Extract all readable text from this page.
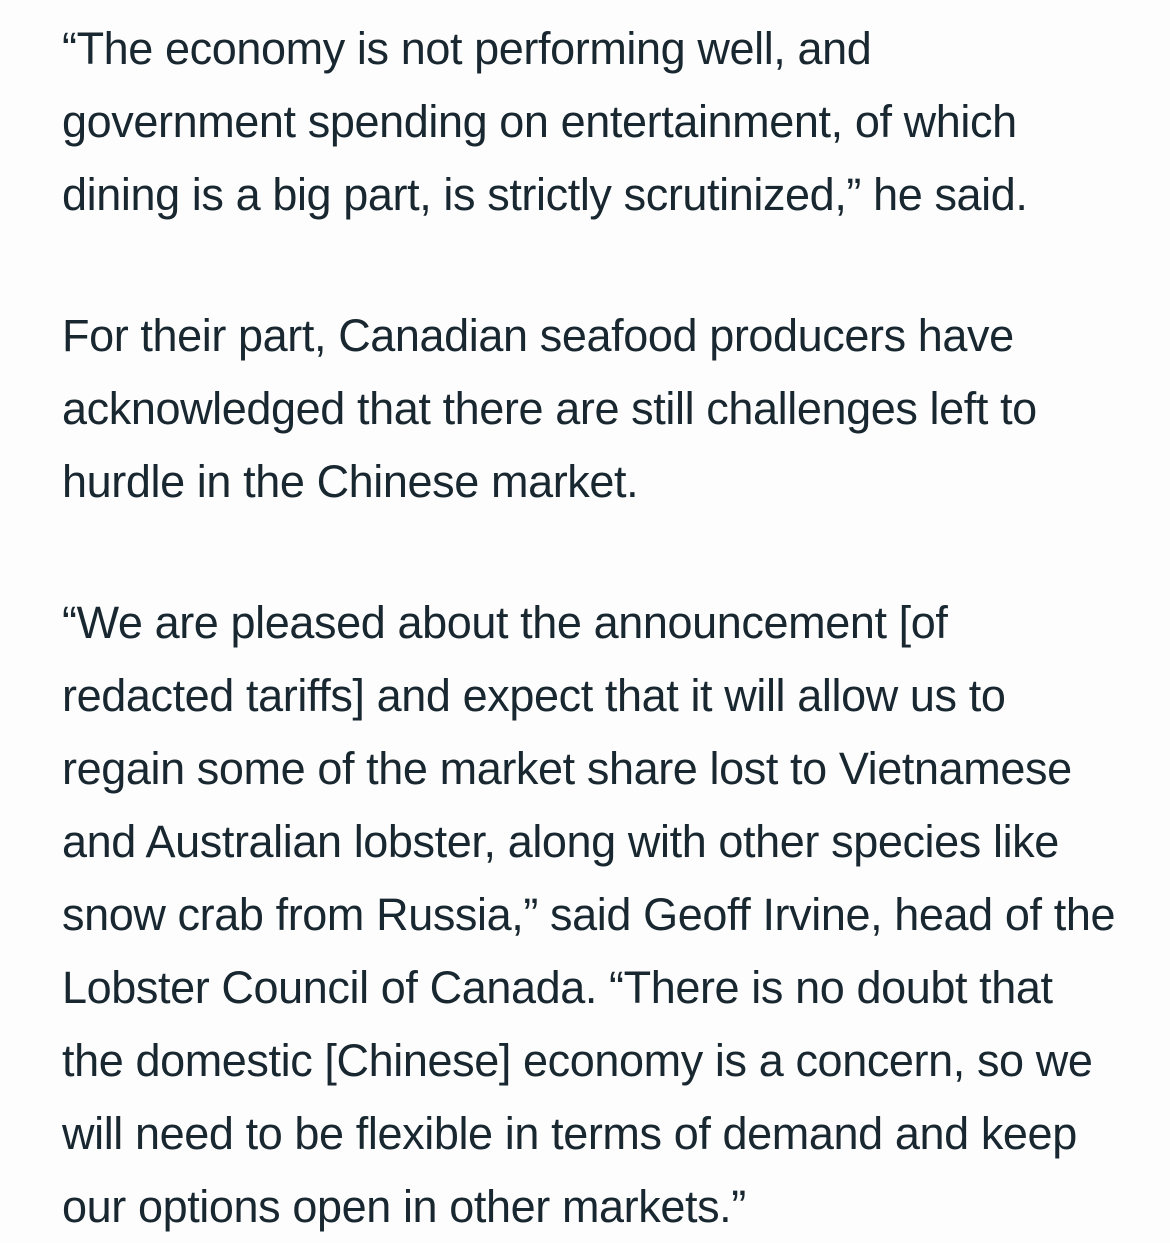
“The economy is not performing well, and
government spending on entertainment, of which
dining is a big part, is strictly scrutinized,” he said.
For their part, Canadian seafood producers have
acknowledged that there are still challenges left to
hurdle in the Chinese market.
“We are pleased about the announcement [of
redacted tariffs] and expect that it will allow us to
regain some of the market share lost to Vietnamese
and Australian lobster, along with other species like
snow crab from Russia,” said Geoff Irvine, head of the
Lobster Council of Canada. “There is no doubt that
the domestic [Chinese] economy is a concern, so we
will need to be flexible in terms of demand and keep
our options open in other markets.”
